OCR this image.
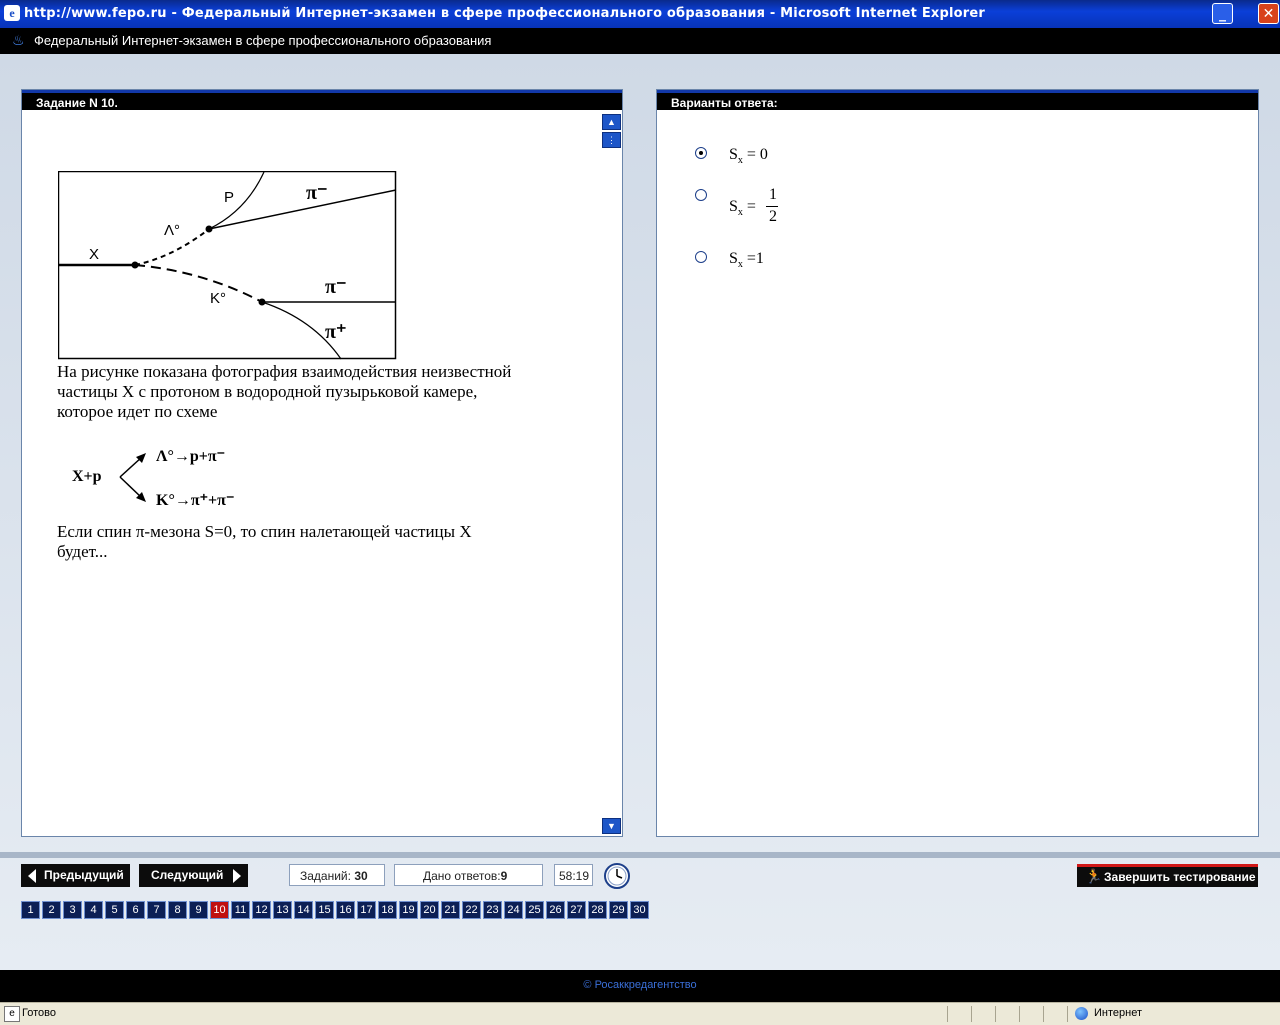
e http://www.fepo.ru - Федеральный Интернет-экзамен в сфере профессионального образования - Microsoft Internet Explorer	_	✕
♨ Федеральный Интернет-экзамен в сфере профессионального образования
Задание N 10.
▲
⋮
▼
X
P
Λ°
K°
π⁻
π⁻
π⁺
На рисунке показана фотография взаимодействия неизвестной
частицы X с протоном в водородной пузырьковой камере,
которое идет по схеме
X+p
Λ°→p+π⁻
K°→π⁺+π⁻
Если спин π-мезона S=0, то спин налетающей частицы X
будет...
Варианты ответа:
$S_x = 0$
$S_x$ =
1
2
$S_x =1$
Предыдущий Следующий	Заданий: 30	Дано ответов:9	58:19	🏃 Завершить тестирование
1	2	3	4	5	6	7	8	9	10 11 12 13 14 15 16 17 18 19 20 21 22 23 24 25 26 27 28 29 30
© Росаккредагентство
e Готово	Интернет
